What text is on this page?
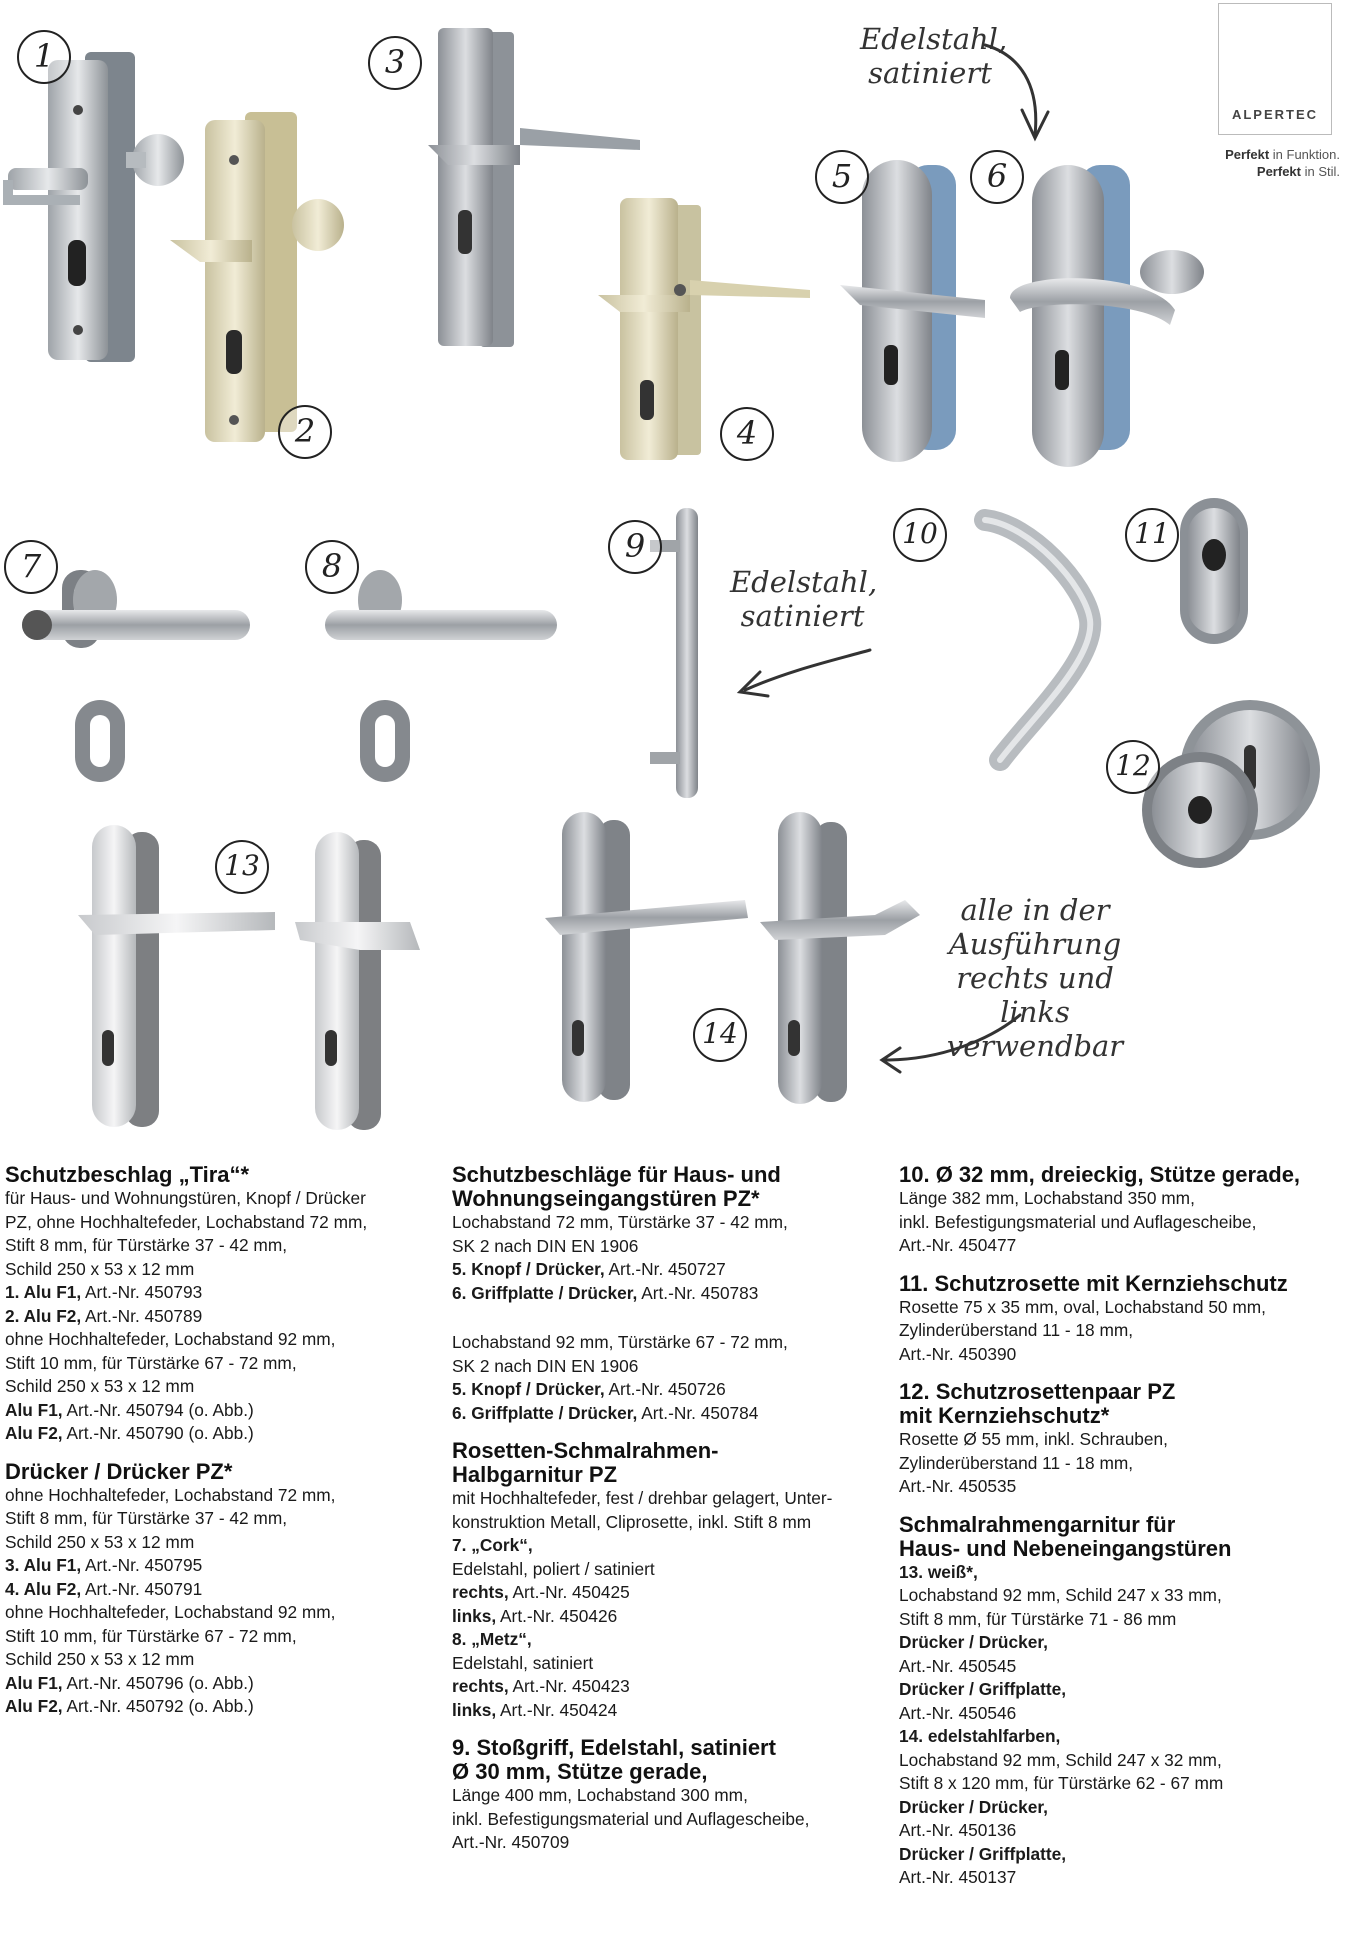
1
2
3
4
5	6
7	8
9	10	11
12
13
14
Edelstahl,
satiniert
Edelstahl,
satiniert
alle in der
Ausführung
rechts und links
verwendbar
ALPERTEC
Perfekt in Funktion.
Perfekt in Stil.
Schutzbeschlag „Tira“*
für Haus- und Wohnungstüren, Knopf / Drücker
PZ, ohne Hochhaltefeder, Lochabstand 72 mm,
Stift 8 mm, für Türstärke 37 - 42 mm,
Schild 250 x 53 x 12 mm
1. Alu F1, Art.-Nr. 450793
2. Alu F2, Art.-Nr. 450789
ohne Hochhaltefeder, Lochabstand 92 mm,
Stift 10 mm, für Türstärke 67 - 72 mm,
Schild 250 x 53 x 12 mm
Alu F1, Art.-Nr. 450794 (o. Abb.)
Alu F2, Art.-Nr. 450790 (o. Abb.)
Drücker / Drücker PZ*
ohne Hochhaltefeder, Lochabstand 72 mm,
Stift 8 mm, für Türstärke 37 - 42 mm,
Schild 250 x 53 x 12 mm
3. Alu F1, Art.-Nr. 450795
4. Alu F2, Art.-Nr. 450791
ohne Hochhaltefeder, Lochabstand 92 mm,
Stift 10 mm, für Türstärke 67 - 72 mm,
Schild 250 x 53 x 12 mm
Alu F1, Art.-Nr. 450796 (o. Abb.)
Alu F2, Art.-Nr. 450792 (o. Abb.)
Schutzbeschläge für Haus- und
Wohnungseingangstüren PZ*
Lochabstand 72 mm, Türstärke 37 - 42 mm,
SK 2 nach DIN EN 1906
5. Knopf / Drücker, Art.-Nr. 450727
6. Griffplatte / Drücker, Art.-Nr. 450783
Lochabstand 92 mm, Türstärke 67 - 72 mm,
SK 2 nach DIN EN 1906
5. Knopf / Drücker, Art.-Nr. 450726
6. Griffplatte / Drücker, Art.-Nr. 450784
Rosetten-Schmalrahmen-
Halbgarnitur PZ
mit Hochhaltefeder, fest / drehbar gelagert, Unter-
konstruktion Metall, Cliprosette, inkl. Stift 8 mm
7. „Cork“,
Edelstahl, poliert / satiniert
rechts, Art.-Nr. 450425
links, Art.-Nr. 450426
8. „Metz“,
Edelstahl, satiniert
rechts, Art.-Nr. 450423
links, Art.-Nr. 450424
9. Stoßgriff, Edelstahl, satiniert
Ø 30 mm, Stütze gerade,
Länge 400 mm, Lochabstand 300 mm,
inkl. Befestigungsmaterial und Auflagescheibe,
Art.-Nr. 450709
10. Ø 32 mm, dreieckig, Stütze gerade,
Länge 382 mm, Lochabstand 350 mm,
inkl. Befestigungsmaterial und Auflagescheibe,
Art.-Nr. 450477
11. Schutzrosette mit Kernziehschutz
Rosette 75 x 35 mm, oval, Lochabstand 50 mm,
Zylinderüberstand 11 - 18 mm,
Art.-Nr. 450390
12. Schutzrosettenpaar PZ
mit Kernziehschutz*
Rosette Ø 55 mm, inkl. Schrauben,
Zylinderüberstand 11 - 18 mm,
Art.-Nr. 450535
Schmalrahmengarnitur für
Haus- und Nebeneingangstüren
13. weiß*,
Lochabstand 92 mm, Schild 247 x 33 mm,
Stift 8 mm, für Türstärke 71 - 86 mm
Drücker / Drücker,
Art.-Nr. 450545
Drücker / Griffplatte,
Art.-Nr. 450546
14. edelstahlfarben,
Lochabstand 92 mm, Schild 247 x 32 mm,
Stift 8 x 120 mm, für Türstärke 62 - 67 mm
Drücker / Drücker,
Art.-Nr. 450136
Drücker / Griffplatte,
Art.-Nr. 450137
